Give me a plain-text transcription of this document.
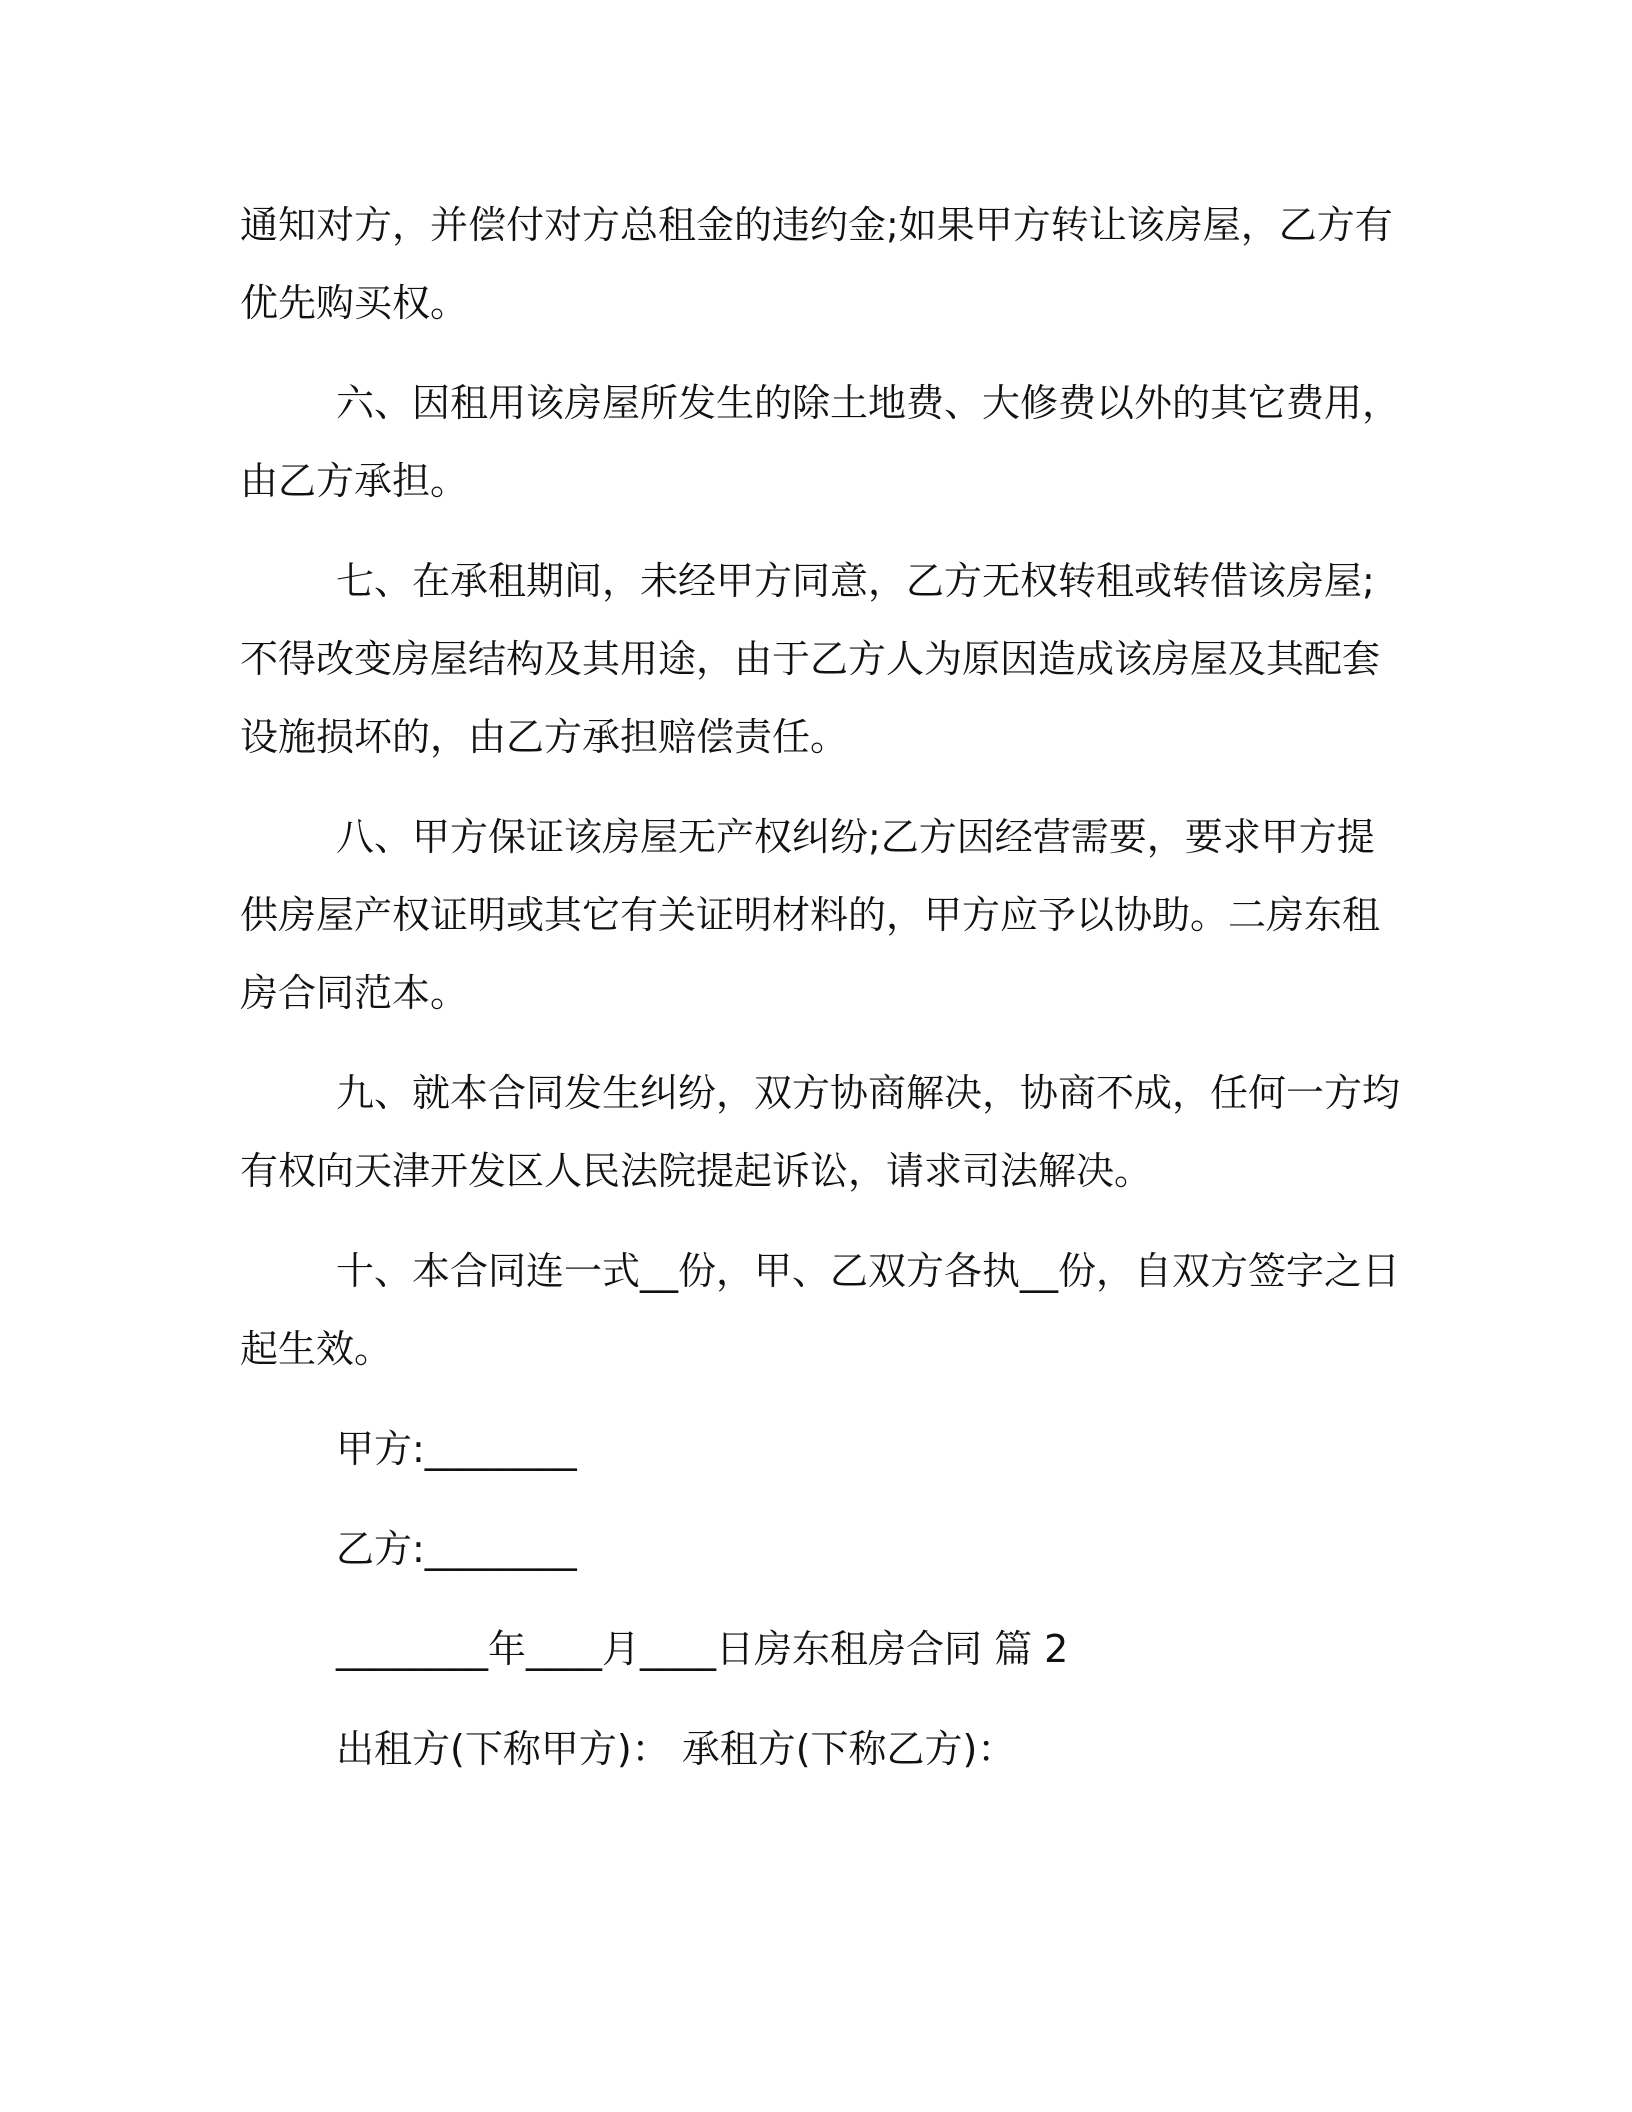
通知对方，并偿付对方总租金的违约金;如果甲方转让该房屋，乙方有
优先购买权。
六、因租用该房屋所发生的除土地费、大修费以外的其它费用，
由乙方承担。
七、在承租期间，未经甲方同意，乙方无权转租或转借该房屋;
不得改变房屋结构及其用途，由于乙方人为原因造成该房屋及其配套
设施损坏的，由乙方承担赔偿责任。
八、甲方保证该房屋无产权纠纷;乙方因经营需要，要求甲方提
供房屋产权证明或其它有关证明材料的，甲方应予以协助。二房东租
房合同范本。
九、就本合同发生纠纷，双方协商解决，协商不成，任何一方均
有权向天津开发区人民法院提起诉讼，请求司法解决。
十、本合同连一式__份，甲、乙双方各执__份，自双方签字之日
起生效。
甲方:________
乙方:________
________年____月____日房东租房合同 篇 2
出租方(下称甲方)： 承租方(下称乙方)：
